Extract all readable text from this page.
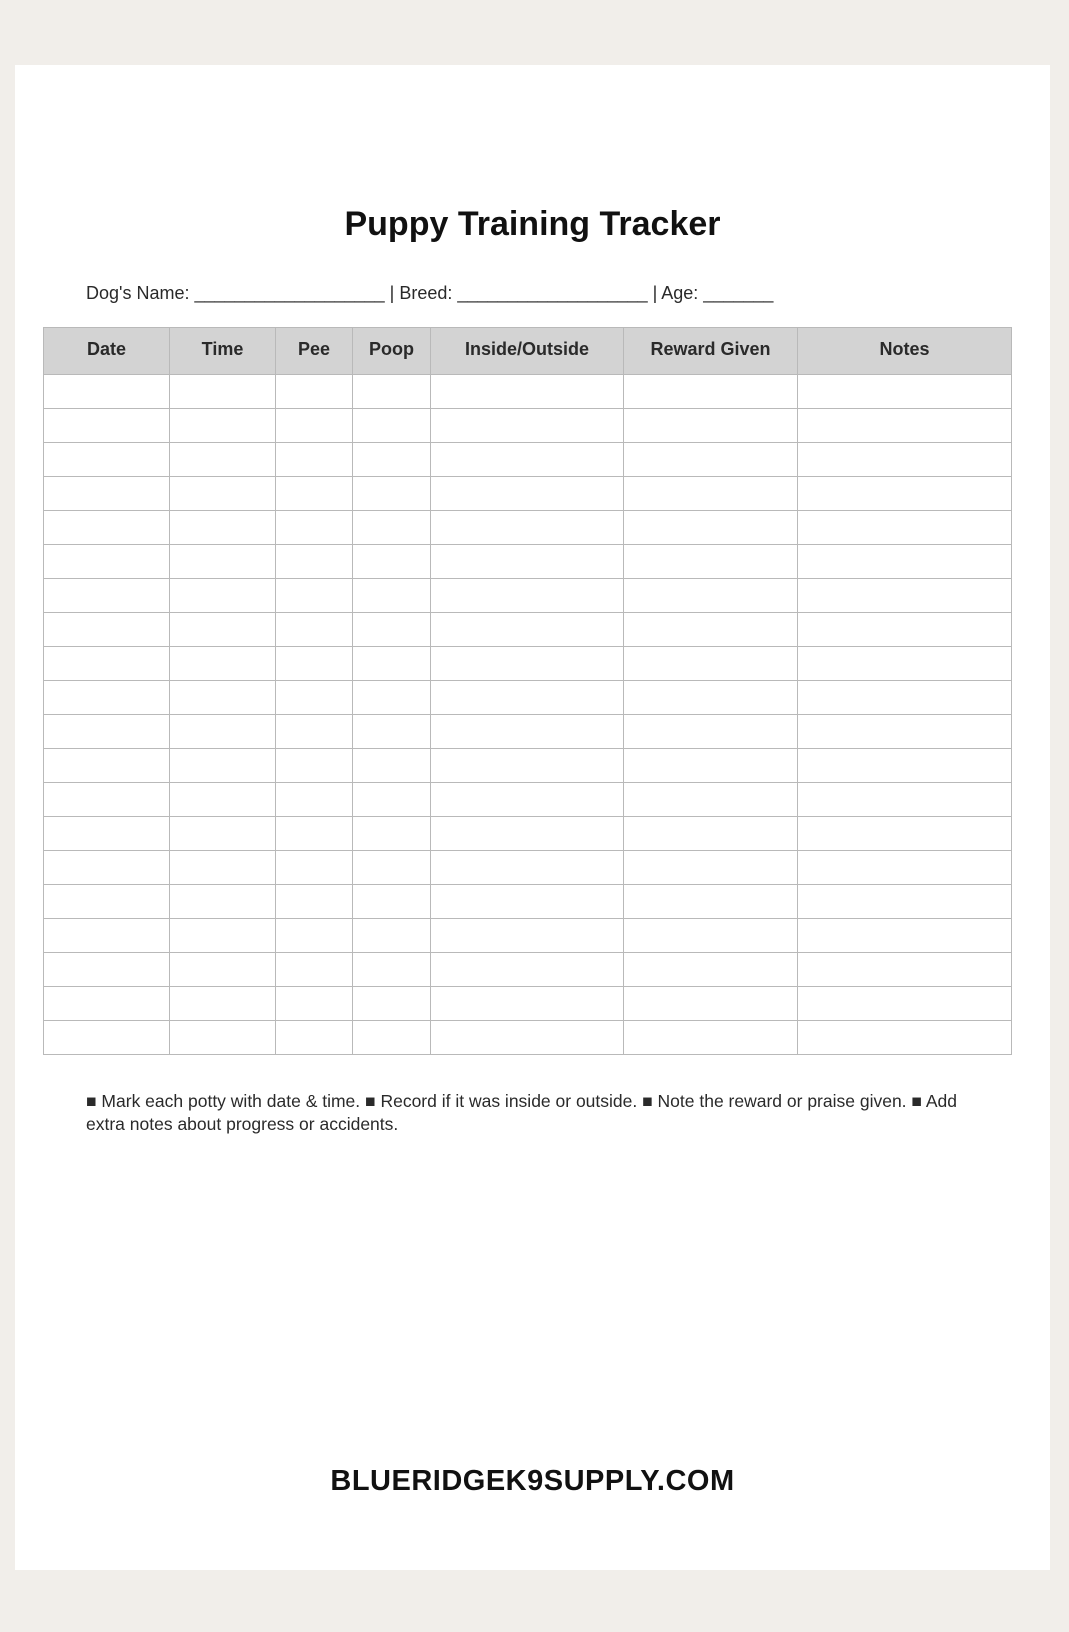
Puppy Training Tracker
Dog's Name: ___________________ | Breed: ___________________ | Age: _______
Date	Time	Pee	Poop	Inside/Outside	Reward Given	Notes

■ Mark each potty with date & time. ■ Record if it was inside or outside. ■ Note the reward or praise given. ■ Add extra notes about progress or accidents.

BLUERIDGEK9SUPPLY.COM
